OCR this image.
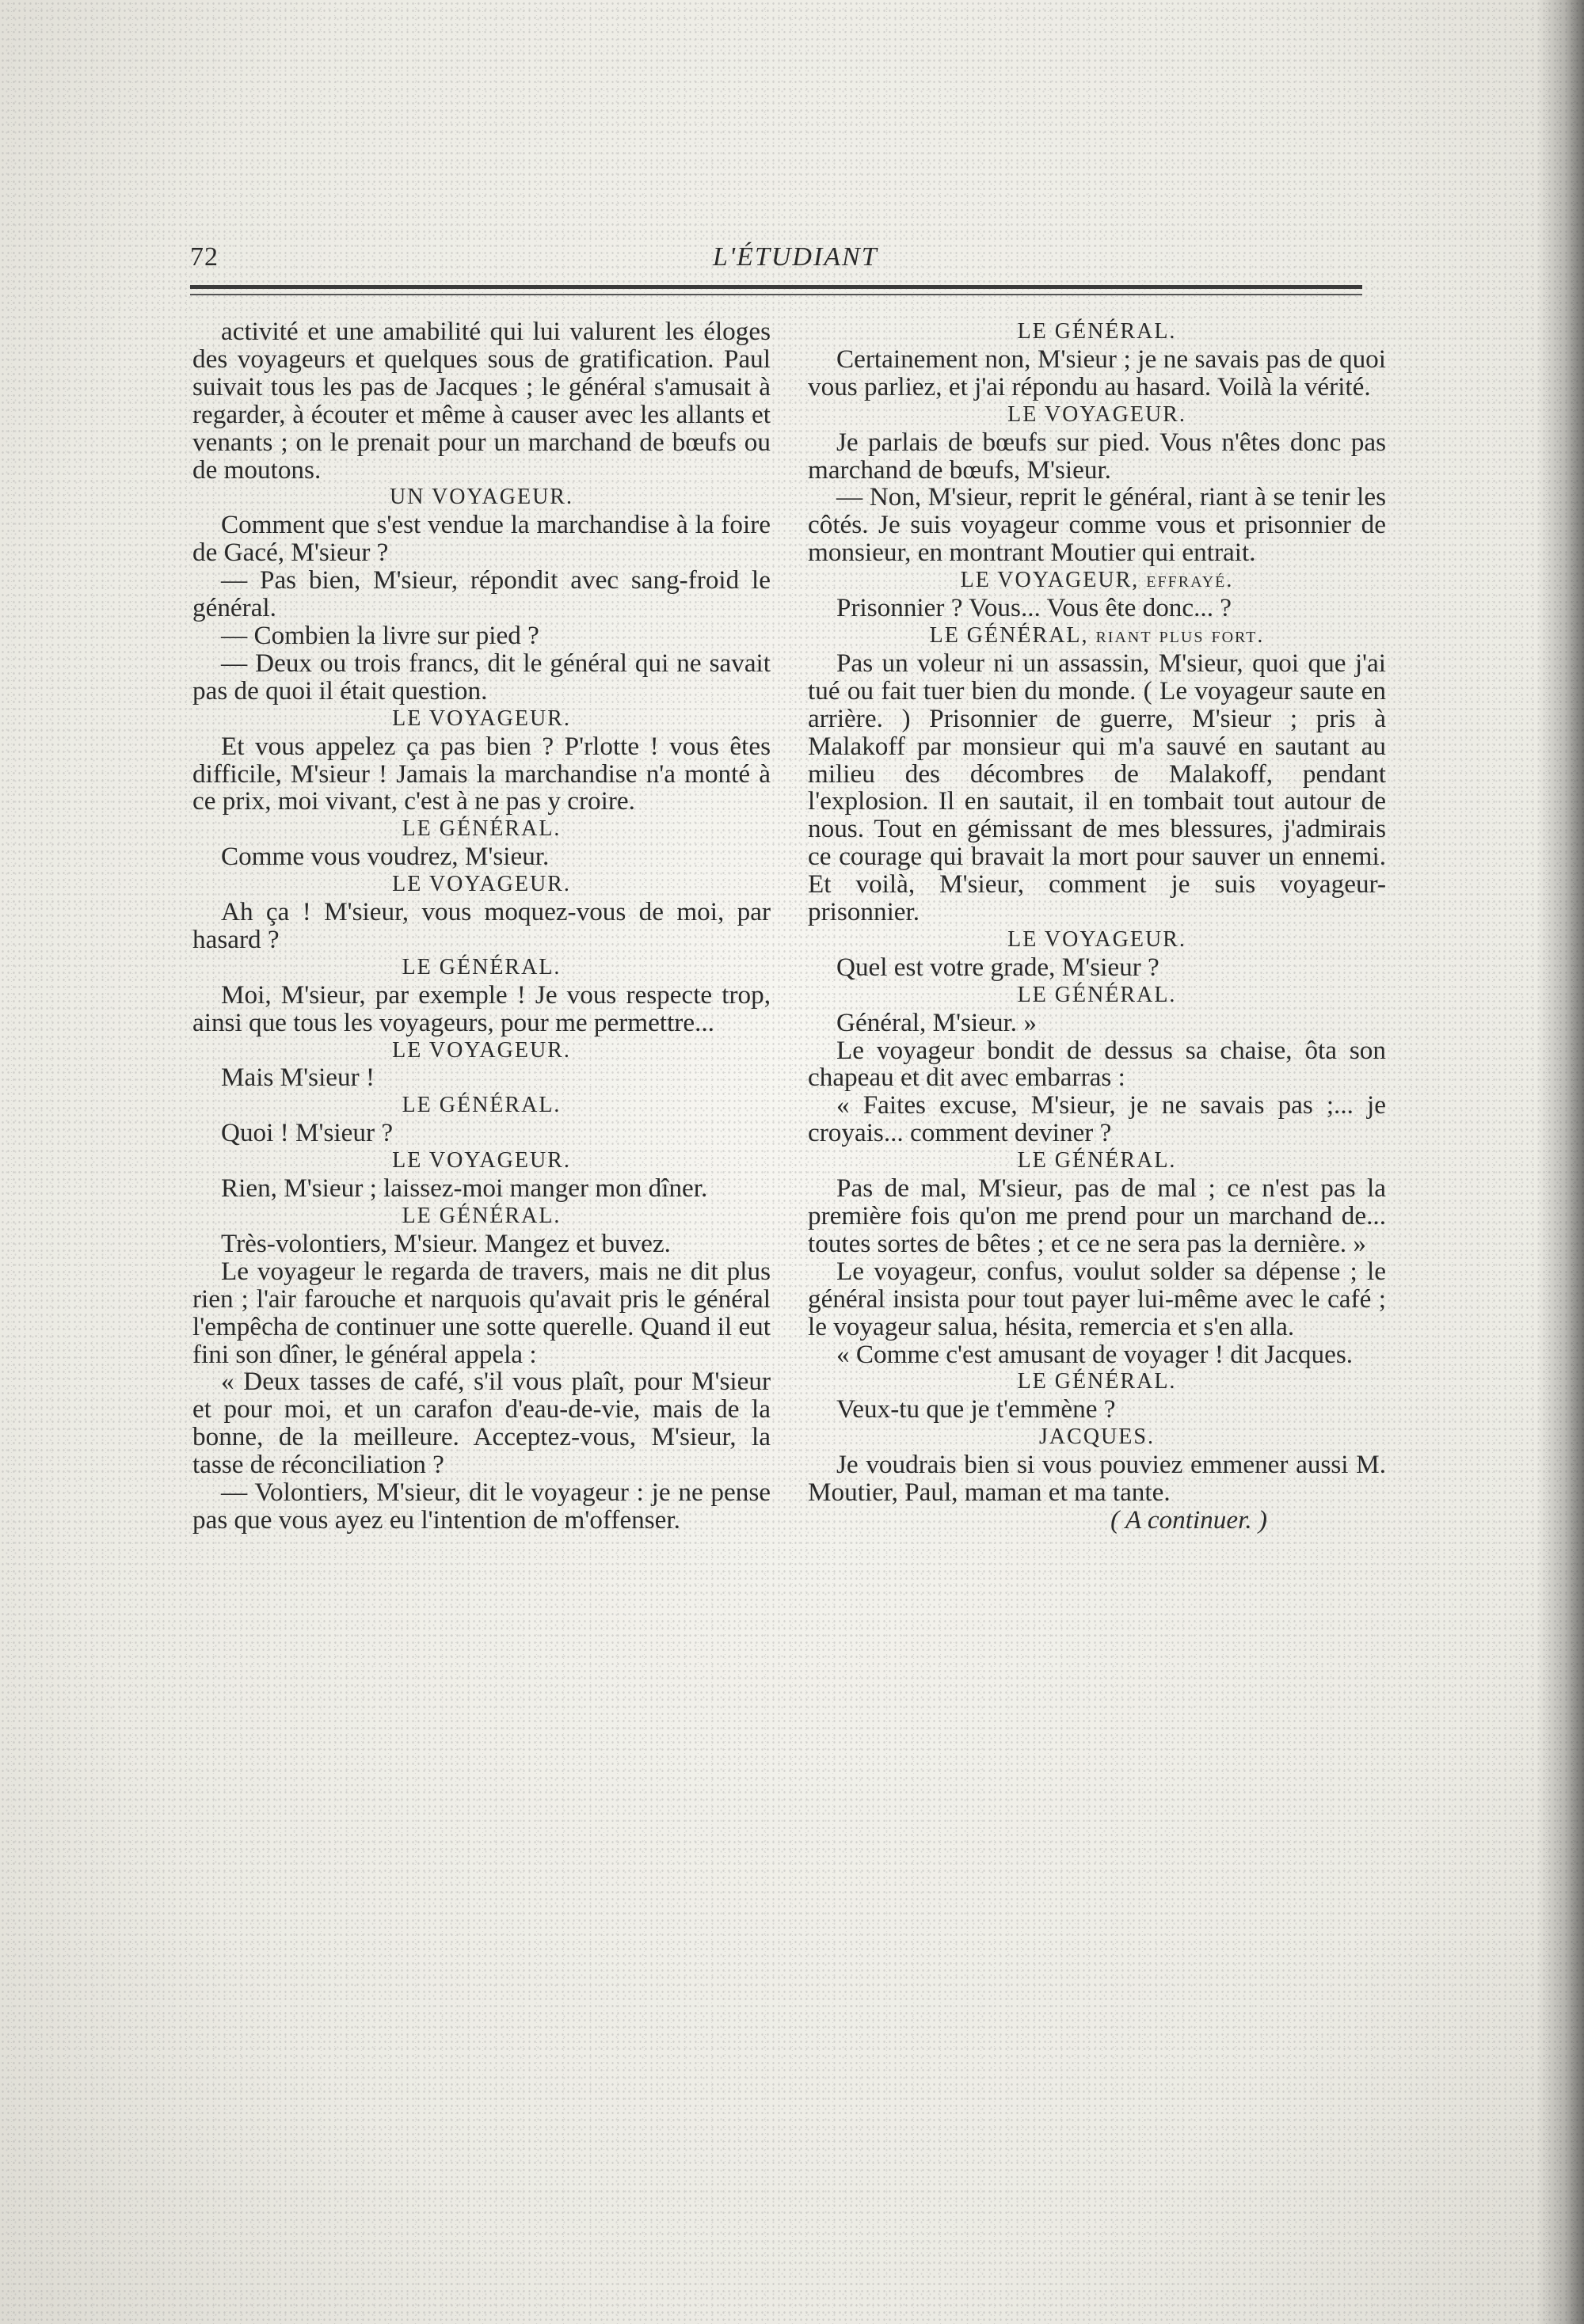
72	L'ÉTUDIANT

activité et une amabilité qui lui valurent les éloges des voyageurs et quelques sous de gratification. Paul suivait tous les pas de Jacques ; le général s'amusait à regarder, à écouter et même à causer avec les allants et venants ; on le prenait pour un marchand de bœufs ou de moutons.

UN VOYAGEUR.

Comment que s'est vendue la marchandise à la foire de Gacé, M'sieur ?

— Pas bien, M'sieur, répondit avec sang-froid le général.

— Combien la livre sur pied ?

— Deux ou trois francs, dit le général qui ne savait pas de quoi il était question.

LE VOYAGEUR.

Et vous appelez ça pas bien ? P'rlotte ! vous êtes difficile, M'sieur ! Jamais la marchandise n'a monté à ce prix, moi vivant, c'est à ne pas y croire.

LE GÉNÉRAL.

Comme vous voudrez, M'sieur.

LE VOYAGEUR.

Ah ça ! M'sieur, vous moquez-vous de moi, par hasard ?

LE GÉNÉRAL.

Moi, M'sieur, par exemple ! Je vous respecte trop, ainsi que tous les voyageurs, pour me permettre...

LE VOYAGEUR.

Mais M'sieur !

LE GÉNÉRAL.

Quoi ! M'sieur ?

LE VOYAGEUR.

Rien, M'sieur ; laissez-moi manger mon dîner.

LE GÉNÉRAL.

Très-volontiers, M'sieur. Mangez et buvez.

Le voyageur le regarda de travers, mais ne dit plus rien ; l'air farouche et narquois qu'avait pris le général l'empêcha de continuer une sotte querelle. Quand il eut fini son dîner, le général appela :

« Deux tasses de café, s'il vous plaît, pour M'sieur et pour moi, et un carafon d'eau-de-vie, mais de la bonne, de la meilleure. Acceptez-vous, M'sieur, la tasse de réconciliation ?

— Volontiers, M'sieur, dit le voyageur : je ne pense pas que vous ayez eu l'intention de m'offenser.

LE GÉNÉRAL.

Certainement non, M'sieur ; je ne savais pas de quoi vous parliez, et j'ai répondu au hasard. Voilà la vérité.

LE VOYAGEUR.

Je parlais de bœufs sur pied. Vous n'êtes donc pas marchand de bœufs, M'sieur.

— Non, M'sieur, reprit le général, riant à se tenir les côtés. Je suis voyageur comme vous et prisonnier de monsieur, en montrant Moutier qui entrait.

LE VOYAGEUR, effrayé.

Prisonnier ? Vous... Vous ête donc... ?

LE GÉNÉRAL, riant plus fort.

Pas un voleur ni un assassin, M'sieur, quoi que j'ai tué ou fait tuer bien du monde. ( Le voyageur saute en arrière. ) Prisonnier de guerre, M'sieur ; pris à Malakoff par monsieur qui m'a sauvé en sautant au milieu des décombres de Malakoff, pendant l'explosion. Il en sautait, il en tombait tout autour de nous. Tout en gémissant de mes blessures, j'admirais ce courage qui bravait la mort pour sauver un ennemi. Et voilà, M'sieur, comment je suis voyageur-prisonnier.

LE VOYAGEUR.

Quel est votre grade, M'sieur ?

LE GÉNÉRAL.

Général, M'sieur. »

Le voyageur bondit de dessus sa chaise, ôta son chapeau et dit avec embarras :

« Faites excuse, M'sieur, je ne savais pas ;... je croyais... comment deviner ?

LE GÉNÉRAL.

Pas de mal, M'sieur, pas de mal ; ce n'est pas la première fois qu'on me prend pour un marchand de... toutes sortes de bêtes ; et ce ne sera pas la dernière. »

Le voyageur, confus, voulut solder sa dépense ; le général insista pour tout payer lui-même avec le café ; le voyageur salua, hésita, remercia et s'en alla.

« Comme c'est amusant de voyager ! dit Jacques.

LE GÉNÉRAL.

Veux-tu que je t'emmène ?

JACQUES.

Je voudrais bien si vous pouviez emmener aussi M. Moutier, Paul, maman et ma tante.

( A continuer. )
